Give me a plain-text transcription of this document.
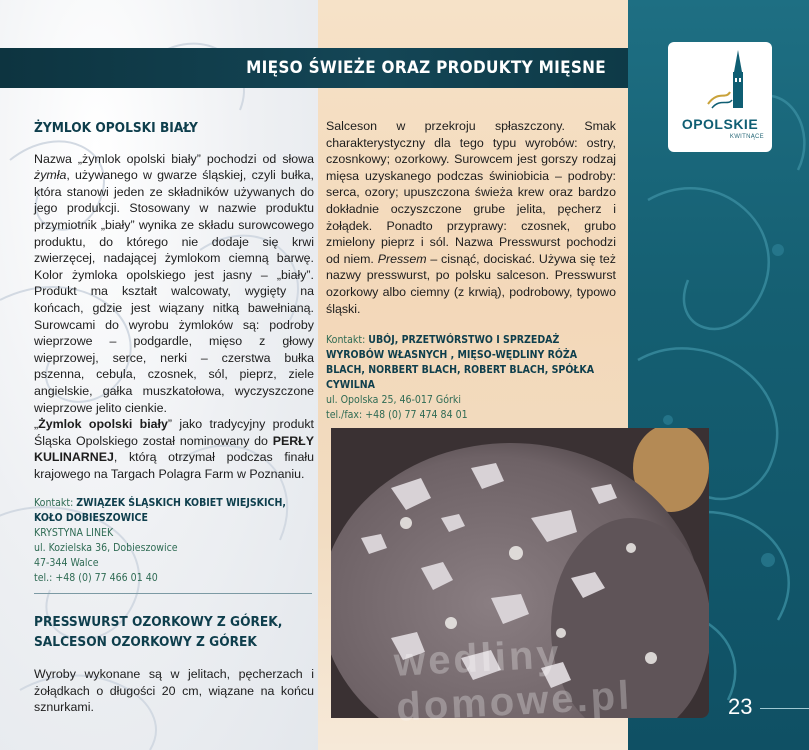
MIĘSO ŚWIEŻE ORAZ PRODUKTY MIĘSNE
OPOLSKIE
KWITNĄCE
ŻYMLOK OPOLSKI BIAŁY

Nazwa „żymlok opolski biały” pochodzi od słowa żymła, używanego w gwarze śląskiej, czyli bułka, która stanowi jeden ze składników używanych do jego produkcji. Stosowany w nazwie produktu przymiotnik „biały” wynika ze składu surowcowego produktu, do którego nie dodaje się krwi zwierzęcej, nadającej żymlokom ciemną barwę. Kolor żymloka opolskiego jest jasny – „biały”. Produkt ma kształt walcowaty, wygięty na końcach, gdzie jest wiązany nitką bawełnianą. Surowcami do wyrobu żymloków są: podroby wieprzowe – podgardle, mięso z głowy wieprzowej, serce, nerki – czerstwa bułka pszenna, cebula, czosnek, sól, pieprz, ziele angielskie, gałka muszkatołowa, wyczyszczone wieprzowe jelito cienkie.

„Żymlok opolski biały” jako tradycyjny produkt Śląska Opolskiego został nominowany do PERŁY KULINARNEJ, którą otrzymał podczas finału krajowego na Targach Polagra Farm w Poznaniu.

Kontakt: ZWIĄZEK ŚLĄSKICH KOBIET WIEJSKICH, KOŁO DOBIESZOWICE
KRYSTYNA LINEK
ul. Kozielska 36, Dobieszowice
47-344 Walce
tel.: +48 (0) 77 466 01 40
PRESSWURST OZORKOWY Z GÓREK, SALCESON OZORKOWY Z GÓREK

Wyroby wykonane są w jelitach, pęcherzach i żołądkach o długości 20 cm, wiązane na końcu sznurkami.

Salceson w przekroju spłaszczony. Smak charakterystyczny dla tego typu wyrobów: ostry, czosnkowy; ozorkowy. Surowcem jest gorszy rodzaj mięsa uzyskanego podczas świniobicia – podroby: serca, ozory; upuszczona świeża krew oraz bardzo dokładnie oczyszczone grube jelita, pęcherz i żołądek. Ponadto przyprawy: czosnek, grubo zmielony pieprz i sól. Nazwa Presswurst pochodzi od niem. Pressem – cisnąć, dociskać. Używa się też nazwy presswurst, po polsku salceson. Presswurst ozorkowy albo ciemny (z krwią), podrobowy, typowo śląski.

Kontakt: UBÓJ, PRZETWÓRSTWO I SPRZEDAŻ WYROBÓW WŁASNYCH , MIĘSO-WĘDLINY RÓŻA BLACH, NORBERT BLACH, ROBERT BLACH, SPÓŁKA CYWILNA
ul. Opolska 25, 46-017 Górki
tel./fax: +48 (0) 77 474 84 01
wedliny domowe.pl	23
